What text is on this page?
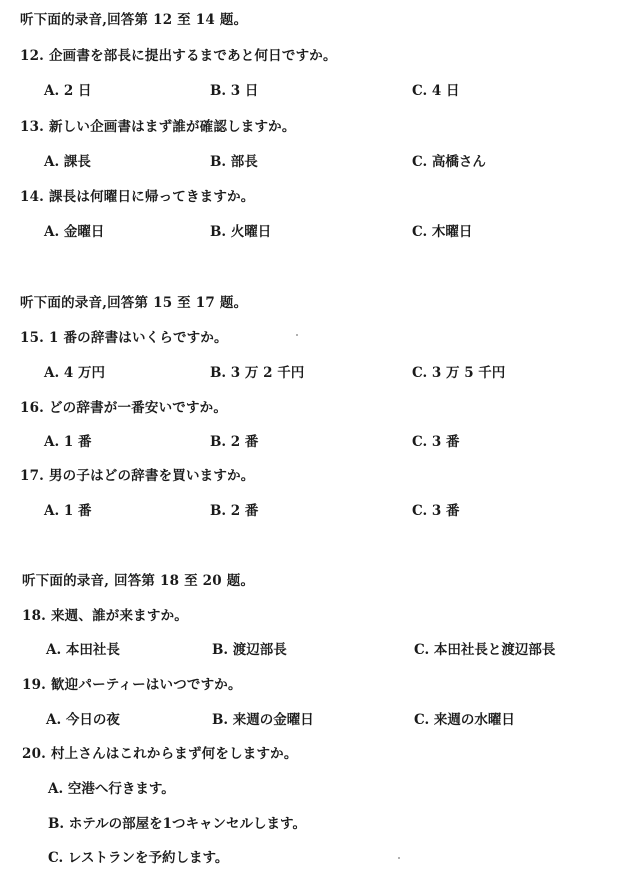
听下面的录音,回答第 12 至 14 题。
12. 企画書を部長に提出するまであと何日ですか。
A. 2 日	B. 3 日	C. 4 日
13. 新しい企画書はまず誰が確認しますか。
A. 課長	B. 部長	C. 高橋さん
14. 課長は何曜日に帰ってきますか。
A. 金曜日	B. 火曜日	C. 木曜日
听下面的录音,回答第 15 至 17 题。
15. 1 番の辞書はいくらですか。
A. 4 万円	B. 3 万 2 千円	C. 3 万 5 千円
16. どの辞書が一番安いですか。
A. 1 番	B. 2 番	C. 3 番
17. 男の子はどの辞書を買いますか。
A. 1 番	B. 2 番	C. 3 番
听下面的录音, 回答第 18 至 20 题。
18. 来週、誰が来ますか。
A. 本田社長	B. 渡辺部長	C. 本田社長と渡辺部長
19. 歓迎パーティーはいつですか。
A. 今日の夜	B. 来週の金曜日	C. 来週の水曜日
20. 村上さんはこれからまず何をしますか。
A. 空港へ行きます。
B. ホテルの部屋を1つキャンセルします。
C. レストランを予約します。
